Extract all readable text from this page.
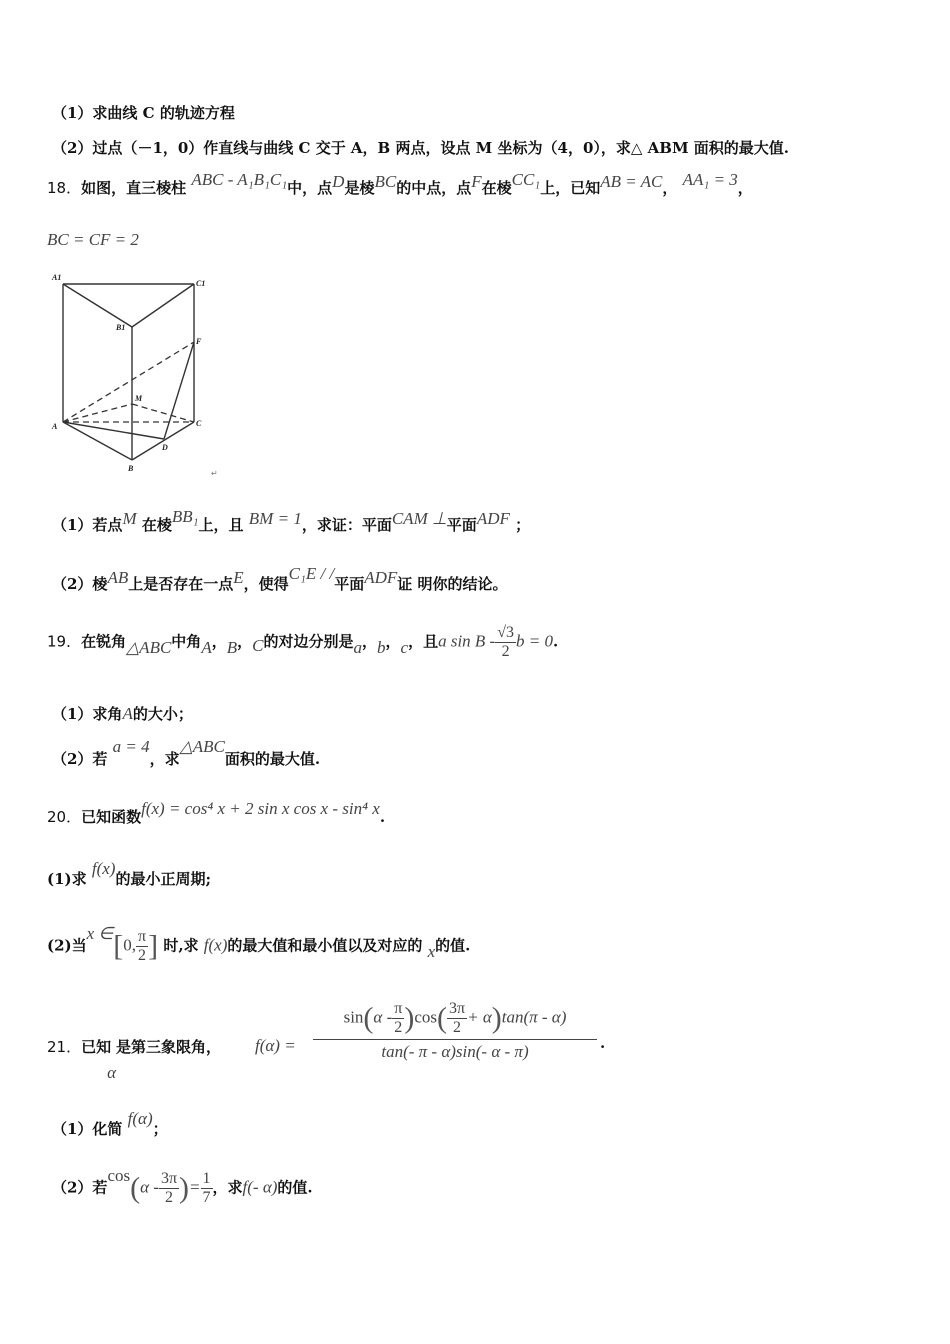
（1）求曲线 C 的轨迹方程
（2）过点（－1，0）作直线与曲线 C 交于 A，B 两点，设点 M 坐标为（4，0），求△ ABM 面积的最大值.
18．如图，直三棱柱 ABC - A₁B₁C₁中，点D是棱BC的中点，点F在棱CC₁上，已知AB = AC， AA₁ = 3，
BC = CF = 2
A1
C1
B1
F
M
A	C
D
B
↵
（1）若点M 在棱BB₁上，且 BM = 1，求证：平面CAM ⊥平面ADF ；
（2）棱AB上是否存在一点E，使得C₁E / /平面ADF证 明你的结论。
19．在锐角△ABC中角A，B，C的对边分别是a，b，c，且a sin B - $\frac{√3}{2}$ b = 0.
（1）求角A的大小；
（2）若 a = 4，求△ABC面积的最大值.
20．已知函数f(x) = cos⁴ x + 2 sin x cos x - sin⁴ x.
(1)求 f(x)的最小正周期;
(2)当x ∈[0, $\frac{\pi}{2}$ ] 时,求 f(x)的最大值和最小值以及对应的 x的值.
21．已知α是第三象限角， $f(\alpha) = \frac{\sin(\alpha - \frac{\pi}{2} )\cos( \frac{3\pi}{2} + \alpha)\tan(\pi - \alpha)}{\tan(- \pi - \alpha)\sin(- \alpha - \pi)}$ .
（1）化简 f(α)；
（2）若$\cos(\alpha - \frac{3\pi}{2}$ )= $\frac{1}{7}$ ，求f(- α)的值.
